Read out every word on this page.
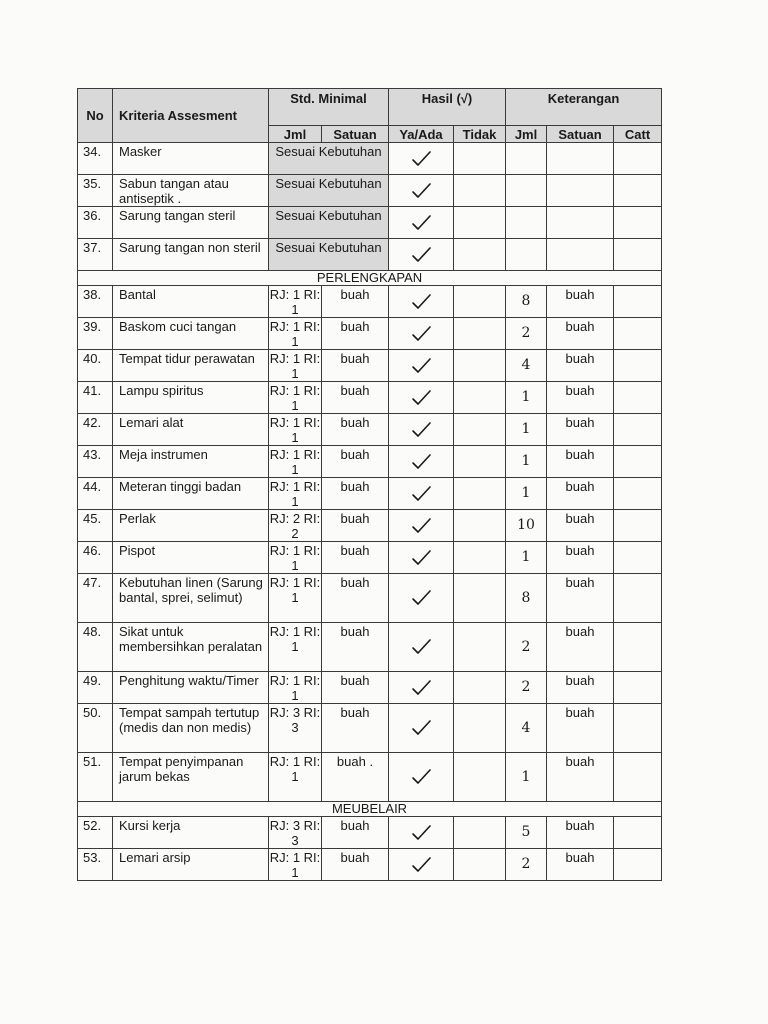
No	Kriteria Assesment	Std. Minimal		Hasil (√)		Keterangan		
		Jml	Satuan	Ya/Ada	Tidak	Jml	Satuan	Catt
34.	Masker	Sesuai Kebutuhan					
35.	Sabun tangan atau antiseptik .	Sesuai Kebutuhan					
36.	Sarung tangan steril	Sesuai Kebutuhan					
37.	Sarung tangan non steril	Sesuai Kebutuhan					
PERLENGKAPAN								
38.	Bantal	RJ: 1 RI: 1	buah			8	buah	
39.	Baskom cuci tangan	RJ: 1 RI: 1	buah			2	buah	
40.	Tempat tidur perawatan	RJ: 1 RI: 1	buah			4	buah	
41.	Lampu spiritus	RJ: 1 RI: 1	buah			1	buah	
42.	Lemari alat	RJ: 1 RI: 1	buah			1	buah	
43.	Meja instrumen	RJ: 1 RI: 1	buah			1	buah	
44.	Meteran tinggi badan	RJ: 1 RI: 1	buah			1	buah	
45.	Perlak	RJ: 2 RI: 2	buah			10	buah	
46.	Pispot	RJ: 1 RI: 1	buah			1	buah	
47.	Kebutuhan linen (Sarung bantal, sprei, selimut)	RJ: 1 RI: 1	buah			8	buah	
48.	Sikat untuk membersihkan peralatan	RJ: 1 RI: 1	buah			2	buah	
49.	Penghitung waktu/Timer	RJ: 1 RI: 1	buah			2	buah	
50.	Tempat sampah tertutup (medis dan non medis)	RJ: 3 RI: 3	buah			4	buah	
51.	Tempat penyimpanan jarum bekas	RJ: 1 RI: 1	buah .			1	buah	
MEUBELAIR								
52.	Kursi kerja	RJ: 3 RI: 3	buah			5	buah	
53.	Lemari arsip	RJ: 1 RI: 1	buah			2	buah	
